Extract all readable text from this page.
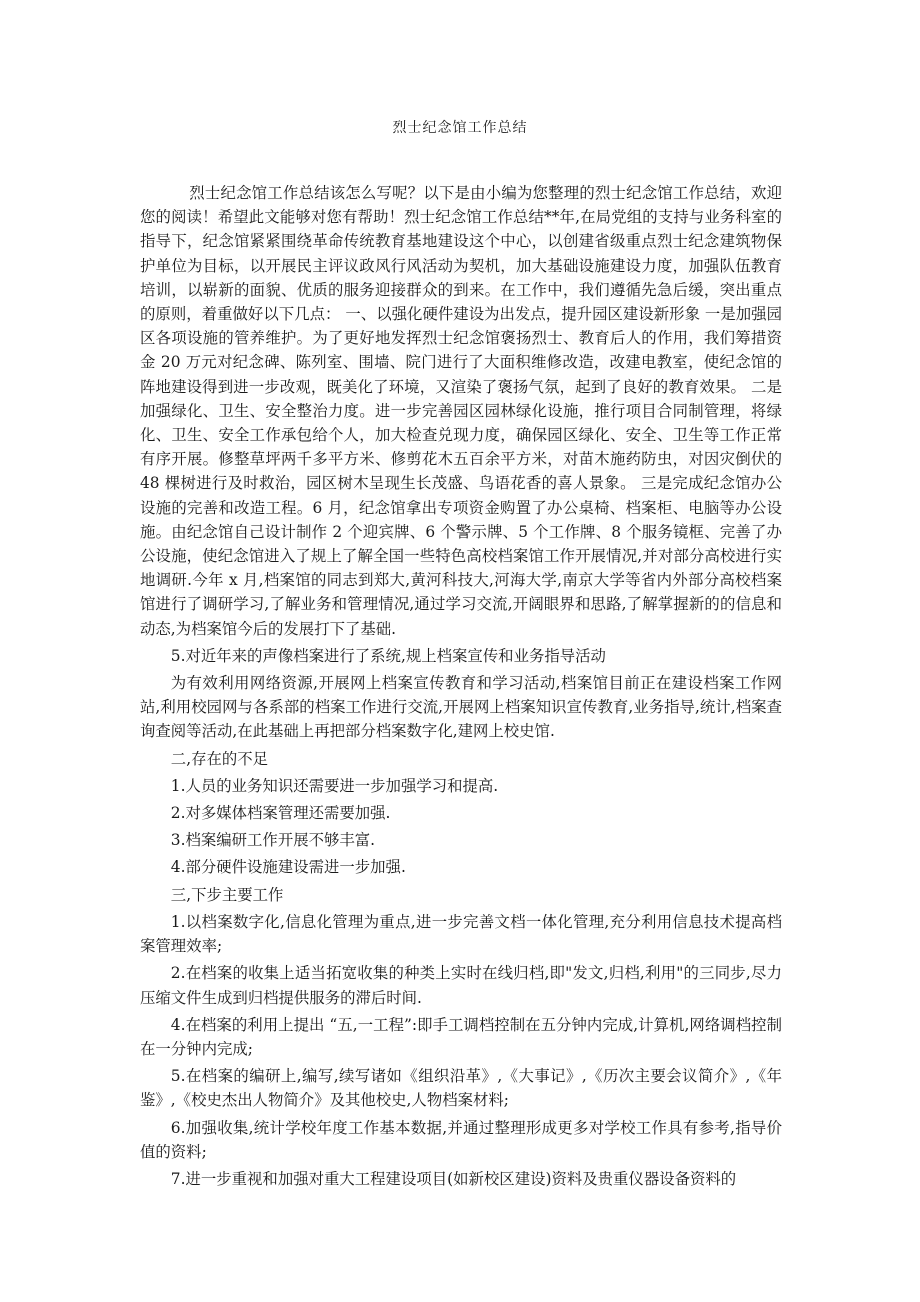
烈士纪念馆工作总结

烈士纪念馆工作总结该怎么写呢？以下是由小编为您整理的烈士纪念馆工作总结，欢迎您的阅读！希望此文能够对您有帮助！烈士纪念馆工作总结**年,在局党组的支持与业务科室的指导下，纪念馆紧紧围绕革命传统教育基地建设这个中心，以创建省级重点烈士纪念建筑物保护单位为目标，以开展民主评议政风行风活动为契机，加大基础设施建设力度，加强队伍教育培训，以崭新的面貌、优质的服务迎接群众的到来。在工作中，我们遵循先急后缓，突出重点的原则，着重做好以下几点： 一、以强化硬件建设为出发点，提升园区建设新形象 一是加强园区各项设施的管养维护。为了更好地发挥烈士纪念馆褒扬烈士、教育后人的作用，我们筹措资金 20 万元对纪念碑、陈列室、围墙、院门进行了大面积维修改造，改建电教室，使纪念馆的阵地建设得到进一步改观，既美化了环境，又渲染了褒扬气氛，起到了良好的教育效果。 二是加强绿化、卫生、安全整治力度。进一步完善园区园林绿化设施，推行项目合同制管理，将绿化、卫生、安全工作承包给个人，加大检查兑现力度，确保园区绿化、安全、卫生等工作正常有序开展。修整草坪两千多平方米、修剪花木五百余平方米，对苗木施药防虫，对因灾倒伏的 48 棵树进行及时救治，园区树木呈现生长茂盛、鸟语花香的喜人景象。 三是完成纪念馆办公设施的完善和改造工程。6 月，纪念馆拿出专项资金购置了办公桌椅、档案柜、电脑等办公设施。由纪念馆自己设计制作 2 个迎宾牌、6 个警示牌、5 个工作牌、8 个服务镜框、完善了办公设施，使纪念馆进入了规上了解全国一些特色高校档案馆工作开展情况,并对部分高校进行实地调研.今年 x 月,档案馆的同志到郑大,黄河科技大,河海大学,南京大学等省内外部分高校档案馆进行了调研学习,了解业务和管理情况,通过学习交流,开阔眼界和思路,了解掌握新的的信息和动态,为档案馆今后的发展打下了基础.

5.对近年来的声像档案进行了系统,规上档案宣传和业务指导活动

为有效利用网络资源,开展网上档案宣传教育和学习活动,档案馆目前正在建设档案工作网站,利用校园网与各系部的档案工作进行交流,开展网上档案知识宣传教育,业务指导,统计,档案查询查阅等活动,在此基础上再把部分档案数字化,建网上校史馆.

二,存在的不足

1.人员的业务知识还需要进一步加强学习和提高.

2.对多媒体档案管理还需要加强.

3.档案编研工作开展不够丰富.

4.部分硬件设施建设需进一步加强.

三,下步主要工作

1.以档案数字化,信息化管理为重点,进一步完善文档一体化管理,充分利用信息技术提高档案管理效率;

2.在档案的收集上适当拓宽收集的种类上实时在线归档,即"发文,归档,利用"的三同步,尽力压缩文件生成到归档提供服务的滞后时间.

4.在档案的利用上提出 “五,一工程”:即手工调档控制在五分钟内完成,计算机,网络调档控制在一分钟内完成;

5.在档案的编研上,编写,续写诸如《组织沿革》,《大事记》,《历次主要会议简介》,《年鉴》,《校史杰出人物简介》及其他校史,人物档案材料;

6.加强收集,统计学校年度工作基本数据,并通过整理形成更多对学校工作具有参考,指导价值的资料;

7.进一步重视和加强对重大工程建设项目(如新校区建设)资料及贵重仪器设备资料的
